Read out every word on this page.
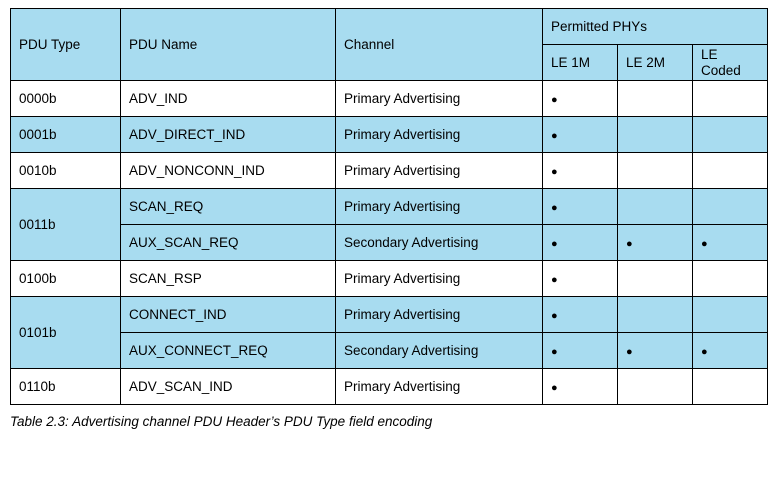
PDU Type	PDU Name	Channel	Permitted PHYs		
			LE 1M	LE 2M	LE
Coded
0000b	ADV_IND	Primary Advertising	●		
0001b	ADV_DIRECT_IND	Primary Advertising	●		
0010b	ADV_NONCONN_IND	Primary Advertising	●		
0011b	SCAN_REQ	Primary Advertising	●		
	AUX_SCAN_REQ	Secondary Advertising	●	●	●
0100b	SCAN_RSP	Primary Advertising	●		
0101b	CONNECT_IND	Primary Advertising	●		
	AUX_CONNECT_REQ	Secondary Advertising	●	●	●
0110b	ADV_SCAN_IND	Primary Advertising	●		
Table 2.3: Advertising channel PDU Header’s PDU Type field encoding
